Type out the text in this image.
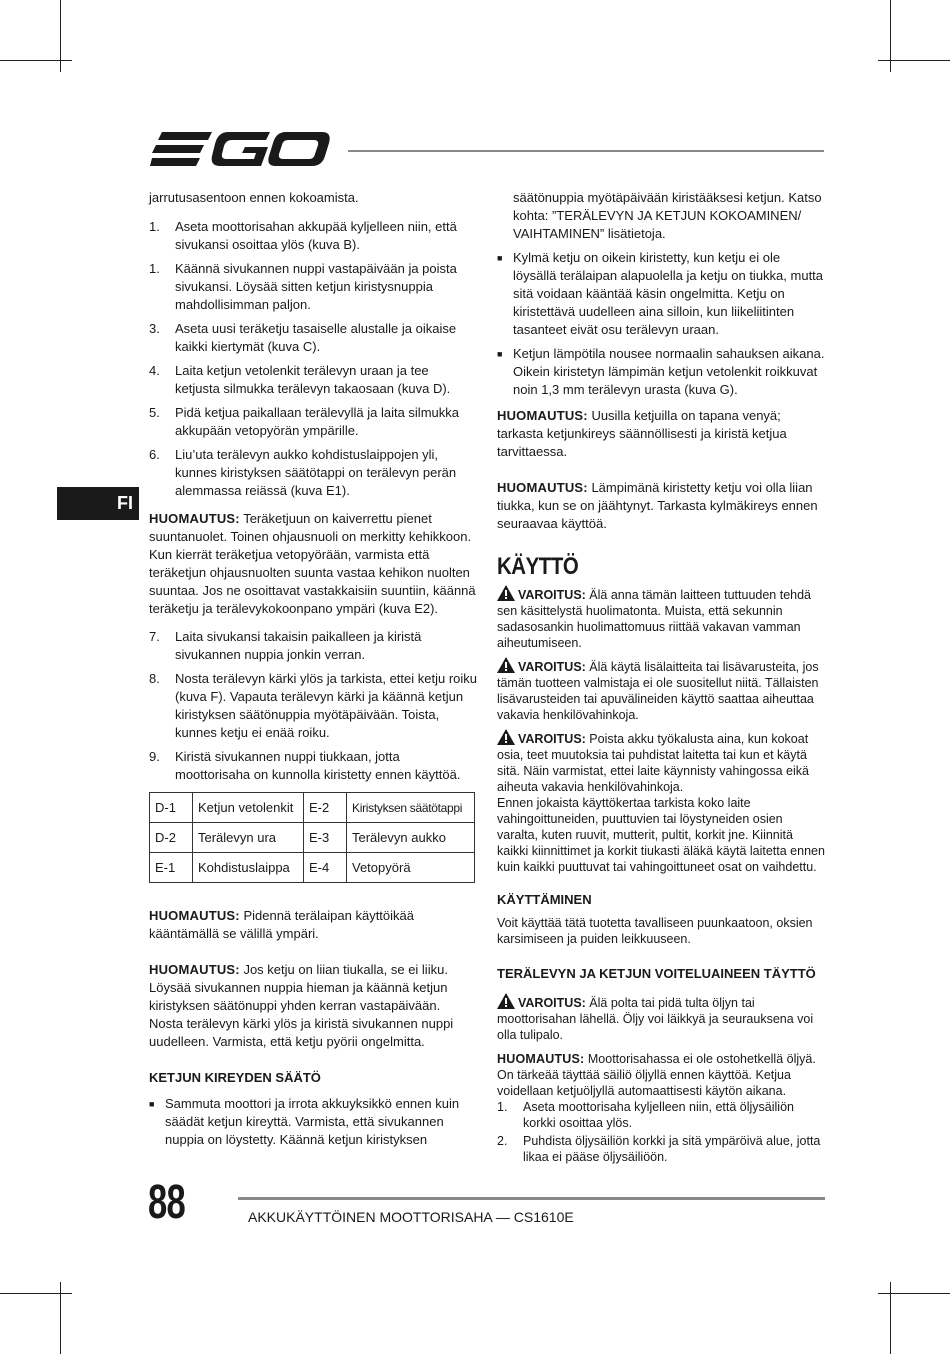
FI

jarrutusasentoon ennen kokoamista.

1. Aseta moottorisahan akkupää kyljelleen niin, että sivukansi osoittaa ylös (kuva B).
1. Käännä sivukannen nuppi vastapäivään ja poista sivukansi. Löysää sitten ketjun kiristysnuppia mahdollisimman paljon.
3. Aseta uusi teräketju tasaiselle alustalle ja oikaise kaikki kiertymät (kuva C).
4. Laita ketjun vetolenkit terälevyn uraan ja tee ketjusta silmukka terälevyn takaosaan (kuva D).
5. Pidä ketjua paikallaan terälevyllä ja laita silmukka akkupään vetopyörän ympärille.
6. Liu’uta terälevyn aukko kohdistuslaippojen yli, kunnes kiristyksen säätötappi on terälevyn perän alemmassa reiässä (kuva E1).

HUOMAUTUS: Teräketjuun on kaiverrettu pienet suuntanuolet. Toinen ohjausnuoli on merkitty kehikkoon. Kun kierrät teräketjua vetopyörään, varmista että teräketjun ohjausnuolten suunta vastaa kehikon nuolten suuntaa. Jos ne osoittavat vastakkaisiin suuntiin, käännä teräketju ja terälevykokoonpano ympäri (kuva E2).

7. Laita sivukansi takaisin paikalleen ja kiristä sivukannen nuppia jonkin verran.
8. Nosta terälevyn kärki ylös ja tarkista, ettei ketju roiku (kuva F). Vapauta terälevyn kärki ja käännä ketjun kiristyksen säätönuppia myötäpäivään. Toista, kunnes ketju ei enää roiku.
9. Kiristä sivukannen nuppi tiukkaan, jotta moottorisaha on kunnolla kiristetty ennen käyttöä.
D-1	Ketjun vetolenkit	E-2	Kiristyksen säätötappi
D-2	Terälevyn ura	E-3	Terälevyn aukko
E-1	Kohdistuslaippa	E-4	Vetopyörä

HUOMAUTUS: Pidennä terälaipan käyttöikää kääntämällä se välillä ympäri.

HUOMAUTUS: Jos ketju on liian tiukalla, se ei liiku. Löysää sivukannen nuppia hieman ja käännä ketjun kiristyksen säätönuppi yhden kerran vastapäivään. Nosta terälevyn kärki ylös ja kiristä sivukannen nuppi uudelleen. Varmista, että ketju pyörii ongelmitta.

KETJUN KIREYDEN SÄÄTÖ

■ Sammuta moottori ja irrota akkuyksikkö ennen kuin säädät ketjun kireyttä. Varmista, että sivukannen nuppia on löystetty. Käännä ketjun kiristyksen

säätönuppia myötäpäivään kiristääksesi ketjun. Katso kohta: ”TERÄLEVYN JA KETJUN KOKOAMINEN/ VAIHTAMINEN” lisätietoja.

■ Kylmä ketju on oikein kiristetty, kun ketju ei ole löysällä terälaipan alapuolella ja ketju on tiukka, mutta sitä voidaan kääntää käsin ongelmitta. Ketju on kiristettävä uudelleen aina silloin, kun liikeliitinten tasanteet eivät osu terälevyn uraan.
■ Ketjun lämpötila nousee normaalin sahauksen aikana. Oikein kiristetyn lämpimän ketjun vetolenkit roikkuvat noin 1,3 mm terälevyn urasta (kuva G).

HUOMAUTUS: Uusilla ketjuilla on tapana venyä; tarkasta ketjunkireys säännöllisesti ja kiristä ketjua tarvittaessa.

HUOMAUTUS: Lämpimänä kiristetty ketju voi olla liian tiukka, kun se on jäähtynyt. Tarkasta kylmäkireys ennen seuraavaa käyttöä.

KÄYTTÖ

VAROITUS: Älä anna tämän laitteen tuttuuden tehdä sen käsittelystä huolimatonta. Muista, että sekunnin sadasosankin huolimattomuus riittää vakavan vamman aiheutumiseen.

VAROITUS: Älä käytä lisälaitteita tai lisävarusteita, jos tämän tuotteen valmistaja ei ole suositellut niitä. Tällaisten lisävarusteiden tai apuvälineiden käyttö saattaa aiheuttaa vakavia henkilövahinkoja.

VAROITUS: Poista akku työkalusta aina, kun kokoat osia, teet muutoksia tai puhdistat laitetta tai kun et käytä sitä. Näin varmistat, ettei laite käynnisty vahingossa eikä aiheuta vakavia henkilövahinkoja.

Ennen jokaista käyttökertaa tarkista koko laite vahingoittuneiden, puuttuvien tai löystyneiden osien varalta, kuten ruuvit, mutterit, pultit, korkit jne. Kiinnitä kaikki kiinnittimet ja korkit tiukasti äläkä käytä laitetta ennen kuin kaikki puuttuvat tai vahingoittuneet osat on vaihdettu.

KÄYTTÄMINEN

Voit käyttää tätä tuotetta tavalliseen puunkaatoon, oksien karsimiseen ja puiden leikkuuseen.

TERÄLEVYN JA KETJUN VOITELUAINEEN TÄYTTÖ

VAROITUS: Älä polta tai pidä tulta öljyn tai moottorisahan lähellä. Öljy voi läikkyä ja seurauksena voi olla tulipalo.

HUOMAUTUS: Moottorisahassa ei ole ostohetkellä öljyä. On tärkeää täyttää säiliö öljyllä ennen käyttöä. Ketjua voidellaan ketjuöljyllä automaattisesti käytön aikana.

1. Aseta moottorisaha kyljelleen niin, että öljysäiliön korkki osoittaa ylös.
2. Puhdista öljysäiliön korkki ja sitä ympäröivä alue, jotta likaa ei pääse öljysäiliöön.
88	AKKUKÄYTTÖINEN MOOTTORISAHA — CS1610E
